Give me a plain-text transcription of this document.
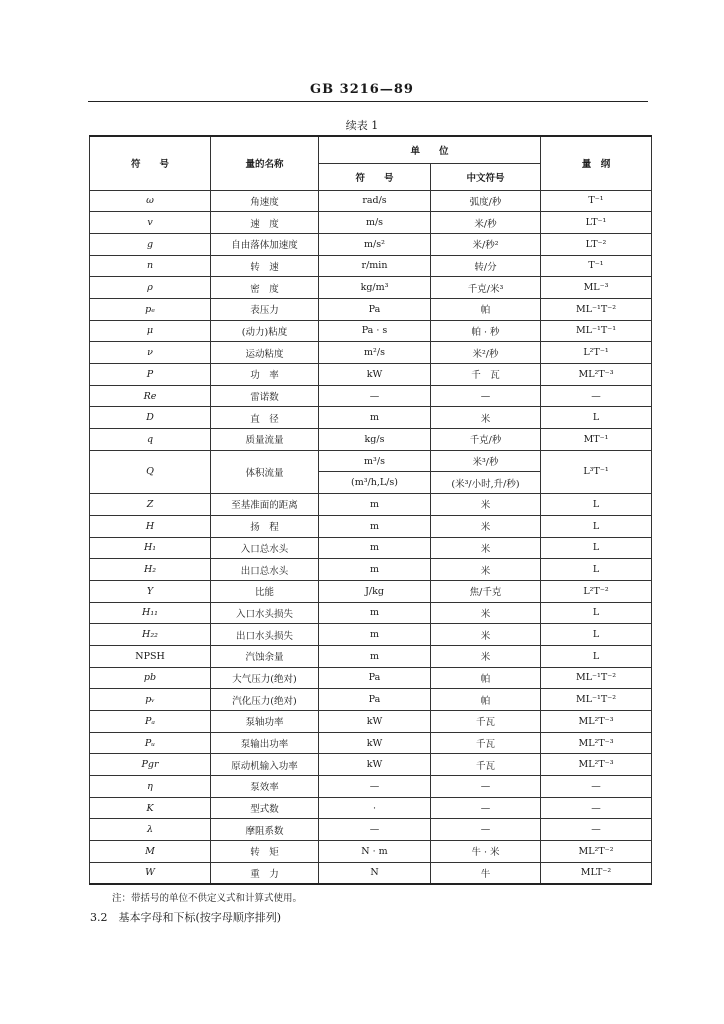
GB 3216—89
续表 1
符　　号	量的名称	单　　位		量　纲
		符　　号	中文符号	
ω	角速度	rad/s	弧度/秒	T⁻¹
v	速　度	m/s	米/秒	LT⁻¹
g	自由落体加速度	m/s²	米/秒²	LT⁻²
n	转　速	r/min	转/分	T⁻¹
ρ	密　度	kg/m³	千克/米³	ML⁻³
pₑ	表压力	Pa	帕	ML⁻¹T⁻²
μ	(动力)粘度	Pa · s	帕 · 秒	ML⁻¹T⁻¹
ν	运动粘度	m²/s	米²/秒	L²T⁻¹
P	功　率	kW	千　瓦	ML²T⁻³
Re	雷诺数	—	—	—
D	直　径	m	米	L
q	质量流量	kg/s	千克/秒	MT⁻¹
Q	体积流量	m³/s	米³/秒	L³T⁻¹
		(m³/h,L/s)	(米³/小时,升/秒)	
Z	至基准面的距离	m	米	L
H	扬　程	m	米	L
H₁	入口总水头	m	米	L
H₂	出口总水头	m	米	L
Y	比能	J/kg	焦/千克	L²T⁻²
H₁₁	入口水头损失	m	米	L
H₂₂	出口水头损失	m	米	L
NPSH	汽蚀余量	m	米	L
pb	大气压力(绝对)	Pa	帕	ML⁻¹T⁻²
pᵥ	汽化压力(绝对)	Pa	帕	ML⁻¹T⁻²
Pₐ	泵轴功率	kW	千瓦	ML²T⁻³
Pᵤ	泵输出功率	kW	千瓦	ML²T⁻³
Pgr	原动机输入功率	kW	千瓦	ML²T⁻³
η	泵效率	—	—	—
K	型式数	·	—	—
λ	摩阻系数	—	—	—
M	转　矩	N · m	牛 · 米	ML²T⁻²
W	重　力	N	牛	MLT⁻²
注：带括号的单位不供定义式和计算式使用。
3.2　基本字母和下标(按字母顺序排列)
